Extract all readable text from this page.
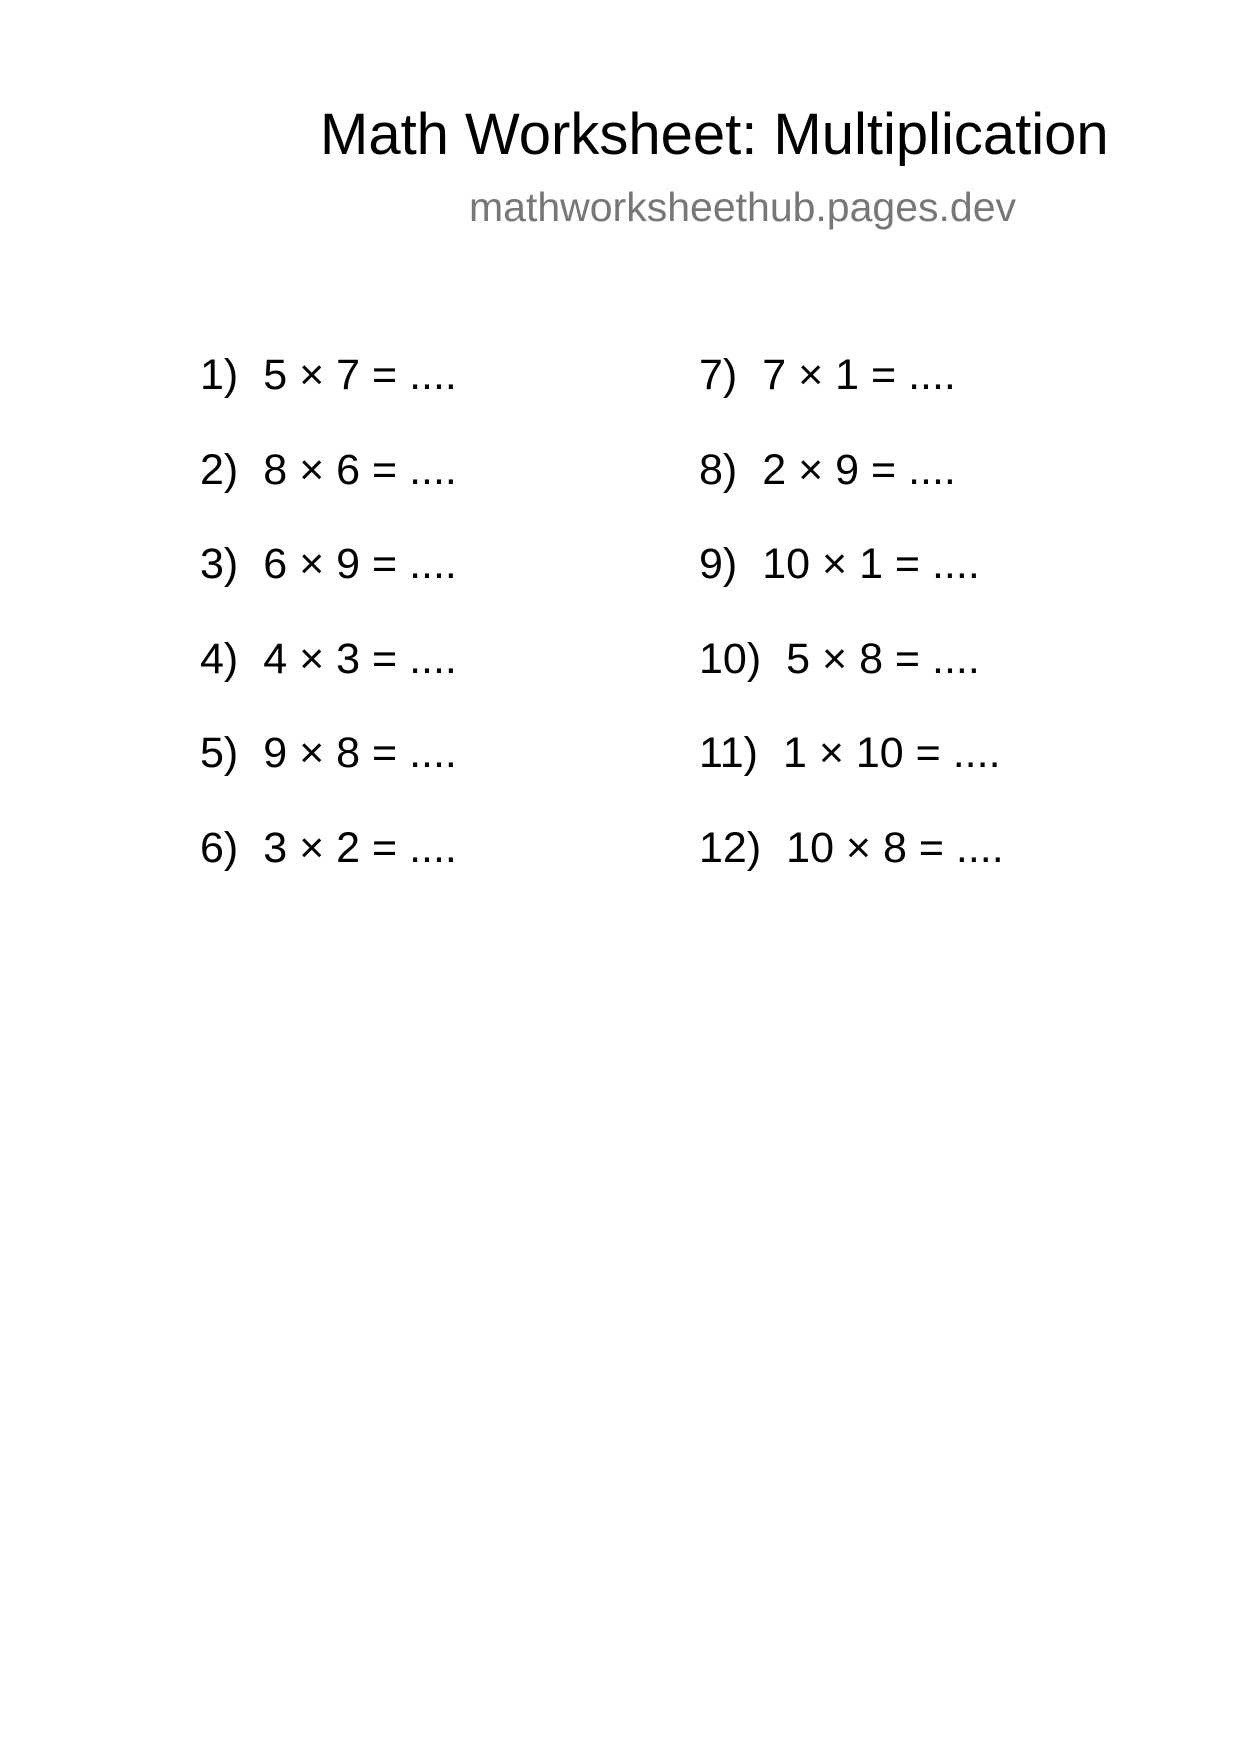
Math Worksheet: Multiplication
mathworksheethub.pages.dev
1) 5 × 7 = ....
2) 8 × 6 = ....
3) 6 × 9 = ....
4) 4 × 3 = ....
5) 9 × 8 = ....
6) 3 × 2 = ....
7) 7 × 1 = ....
8) 2 × 9 = ....
9) 10 × 1 = ....
10) 5 × 8 = ....
11) 1 × 10 = ....
12) 10 × 8 = ....
